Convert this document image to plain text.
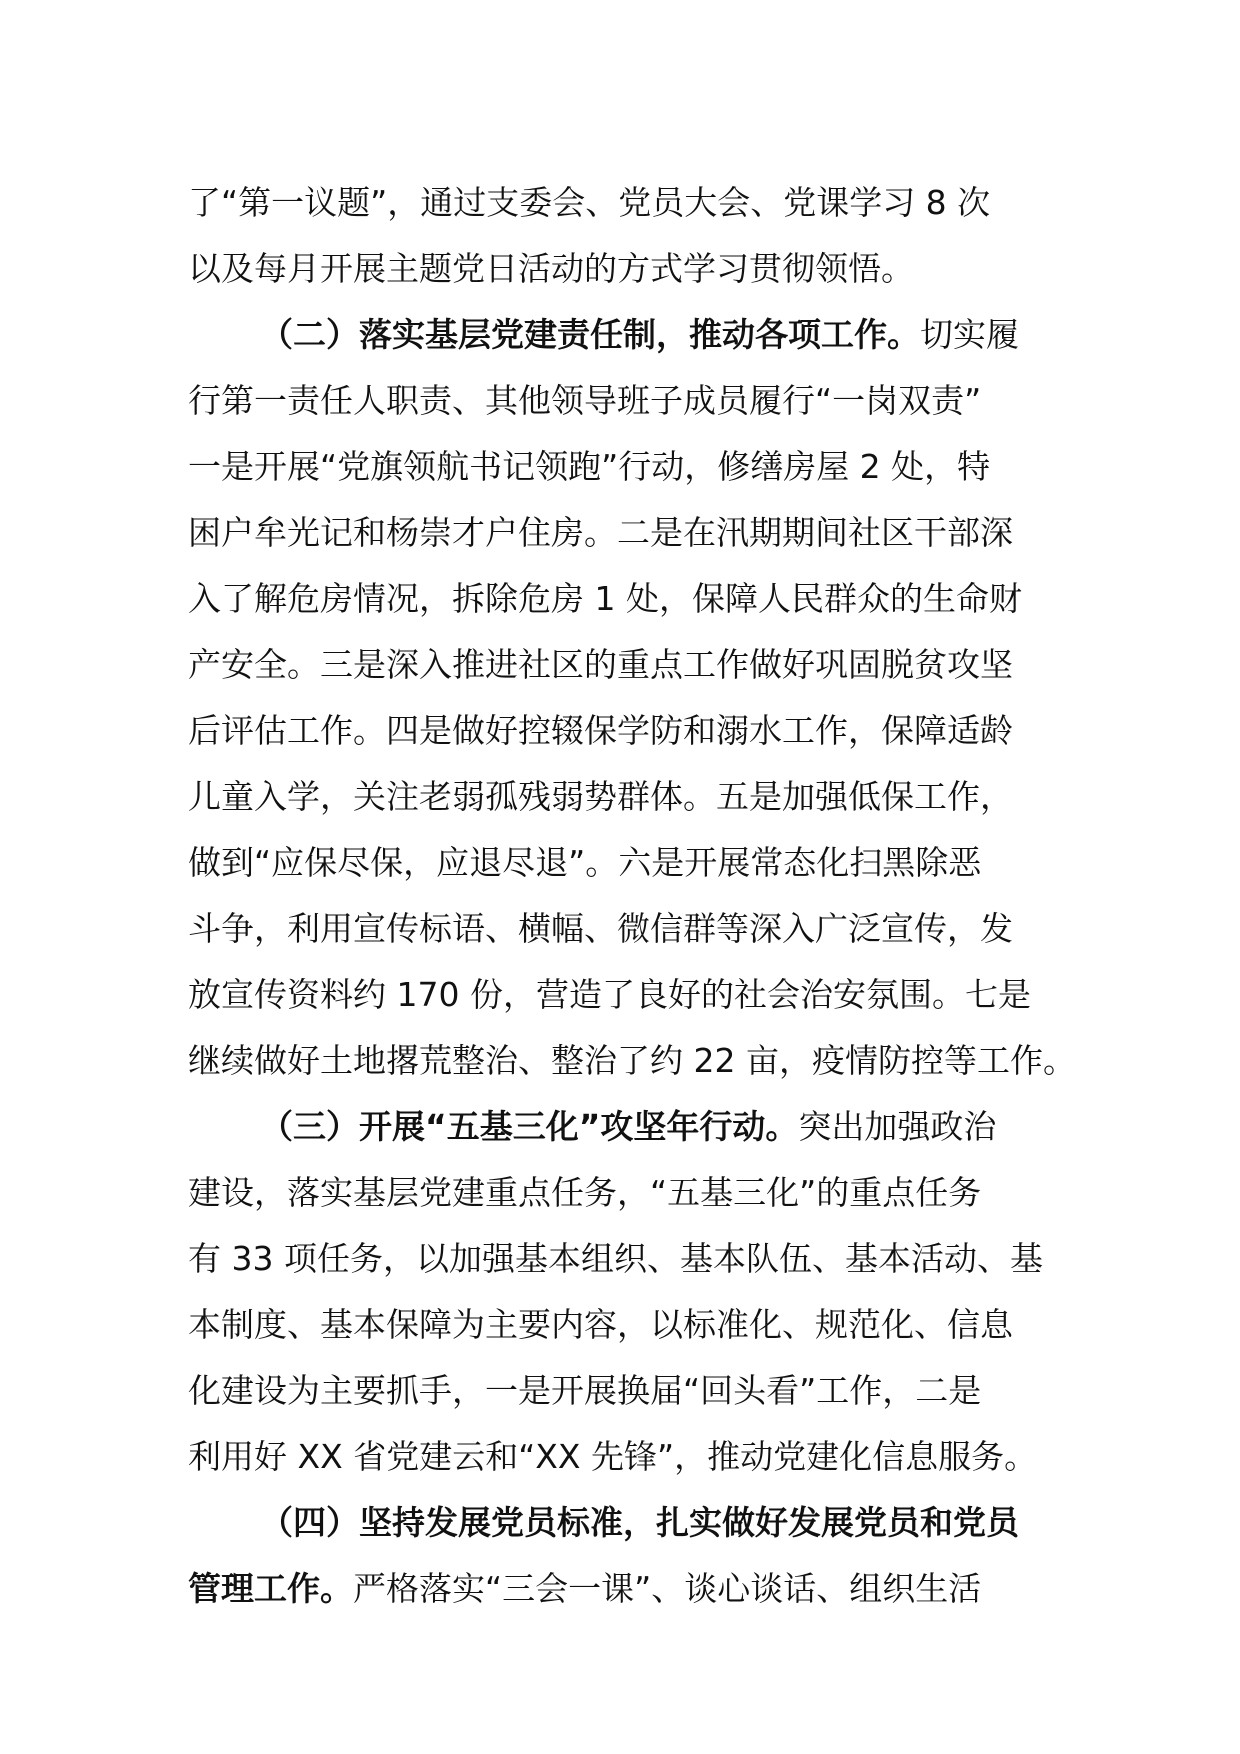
了“第一议题”，通过支委会、党员大会、党课学习 8 次
以及每月开展主题党日活动的方式学习贯彻领悟。
（二）落实基层党建责任制，推动各项工作。切实履
行第一责任人职责、其他领导班子成员履行“一岗双责”
一是开展“党旗领航书记领跑”行动，修缮房屋 2 处，特
困户牟光记和杨崇才户住房。二是在汛期期间社区干部深
入了解危房情况，拆除危房 1 处，保障人民群众的生命财
产安全。三是深入推进社区的重点工作做好巩固脱贫攻坚
后评估工作。四是做好控辍保学防和溺水工作，保障适龄
儿童入学，关注老弱孤残弱势群体。五是加强低保工作，
做到“应保尽保，应退尽退”。六是开展常态化扫黑除恶
斗争，利用宣传标语、横幅、微信群等深入广泛宣传，发
放宣传资料约 170 份，营造了良好的社会治安氛围。七是
继续做好土地撂荒整治、整治了约 22 亩，疫情防控等工作。
（三）开展“五基三化”攻坚年行动。突出加强政治
建设，落实基层党建重点任务，“五基三化”的重点任务
有 33 项任务，以加强基本组织、基本队伍、基本活动、基
本制度、基本保障为主要内容，以标准化、规范化、信息
化建设为主要抓手，一是开展换届“回头看”工作，二是
利用好 XX 省党建云和“XX 先锋”，推动党建化信息服务。
（四）坚持发展党员标准，扎实做好发展党员和党员
管理工作。严格落实“三会一课”、谈心谈话、组织生活
